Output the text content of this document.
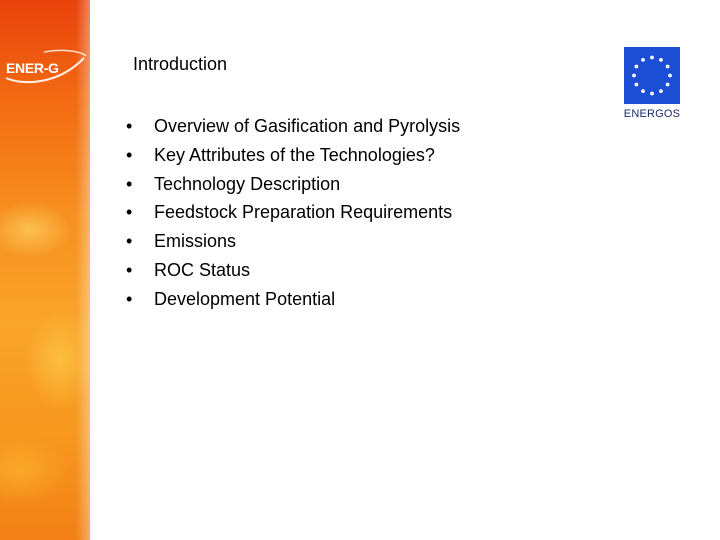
ENER-G	Introduction
•	Overview of Gasification and Pyrolysis
•	Key Attributes of the Technologies?
•	Technology Description
•	Feedstock Preparation Requirements
•	Emissions
•	ROC Status
•	Development Potential
ENERGOS
